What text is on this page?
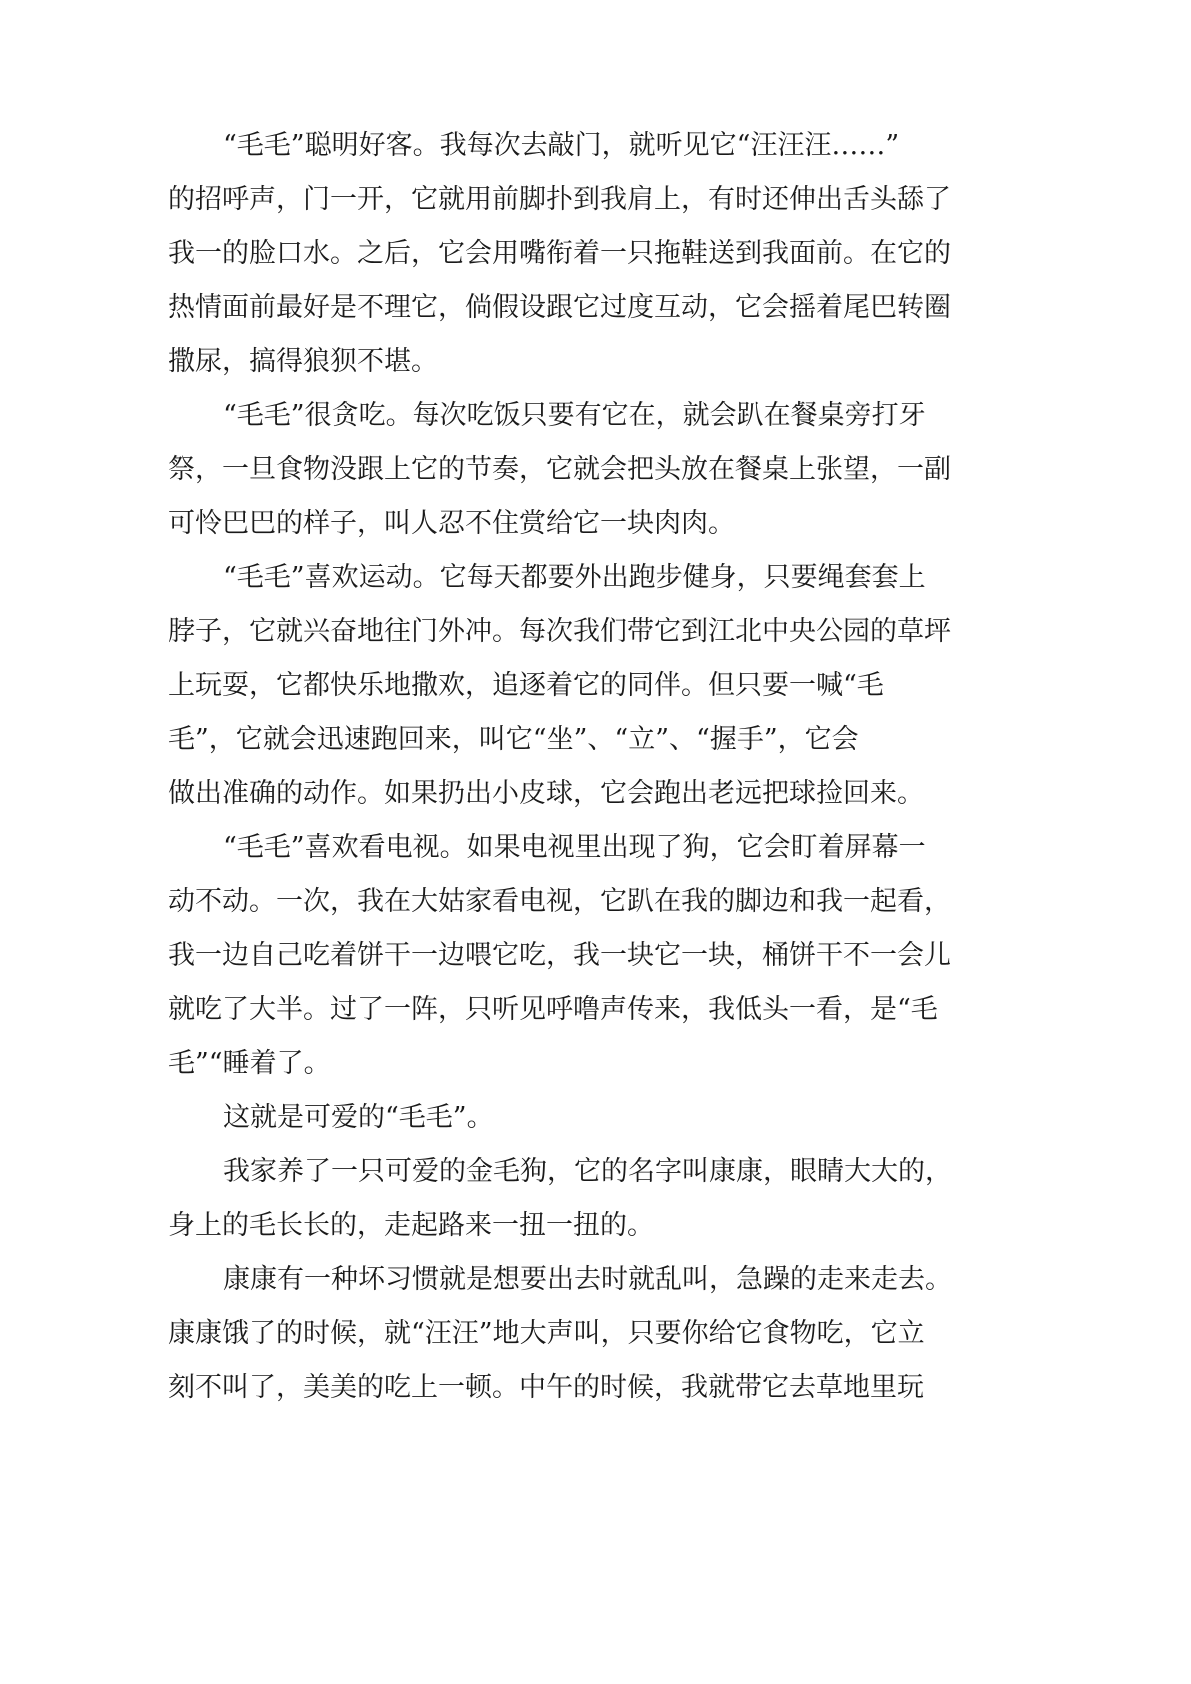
“毛毛”聪明好客。我每次去敲门，就听见它“汪汪汪……”

的招呼声，门一开，它就用前脚扑到我肩上，有时还伸出舌头舔了

我一的脸口水。之后，它会用嘴衔着一只拖鞋送到我面前。在它的

热情面前最好是不理它，倘假设跟它过度互动，它会摇着尾巴转圈

撒尿，搞得狼狈不堪。

“毛毛”很贪吃。每次吃饭只要有它在，就会趴在餐桌旁打牙

祭，一旦食物没跟上它的节奏，它就会把头放在餐桌上张望，一副

可怜巴巴的样子，叫人忍不住赏给它一块肉肉。

“毛毛”喜欢运动。它每天都要外出跑步健身，只要绳套套上

脖子，它就兴奋地往门外冲。每次我们带它到江北中央公园的草坪

上玩耍，它都快乐地撒欢，追逐着它的同伴。但只要一喊“毛

毛”，它就会迅速跑回来，叫它“坐”、“立”、“握手”，它会

做出准确的动作。如果扔出小皮球，它会跑出老远把球捡回来。

“毛毛”喜欢看电视。如果电视里出现了狗，它会盯着屏幕一

动不动。一次，我在大姑家看电视，它趴在我的脚边和我一起看，

我一边自己吃着饼干一边喂它吃，我一块它一块，桶饼干不一会儿

就吃了大半。过了一阵，只听见呼噜声传来，我低头一看，是“毛

毛”“睡着了。

这就是可爱的“毛毛”。

我家养了一只可爱的金毛狗，它的名字叫康康，眼睛大大的，

身上的毛长长的，走起路来一扭一扭的。

康康有一种坏习惯就是想要出去时就乱叫，急躁的走来走去。

康康饿了的时候，就“汪汪”地大声叫，只要你给它食物吃，它立

刻不叫了，美美的吃上一顿。中午的时候，我就带它去草地里玩
